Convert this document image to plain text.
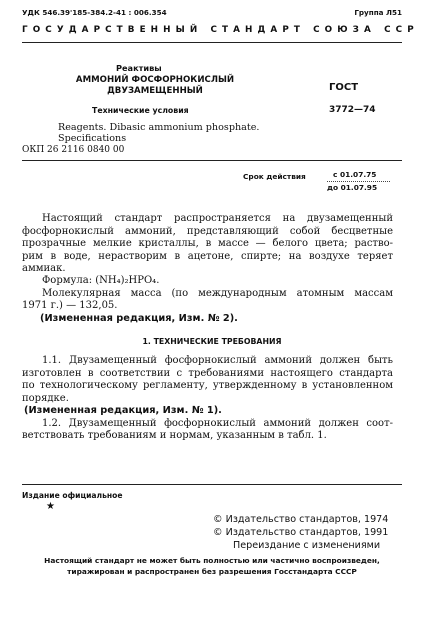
УДК 546.39'185-384.2-41 : 006.354	Группа Л51
ГОСУДАРСТВЕННЫЙ СТАНДАРТ СОЮЗА ССР
Реактивы
АММОНИЙ ФОСФОРНОКИСЛЫЙ
ДВУЗАМЕЩЕННЫЙ
Технические условия
ГОСТ
3772—74
Reagents. Dibasic ammonium phosphate.
Specifications
ОКП 26 2116 0840 00
Срок действия	с 01.07.75
до 01.07.95
Настоящий стандарт распространяется на двузамещенный
фосфорнокислый аммоний, представляющий собой бесцветные
прозрачные мелкие кристаллы, в массе — белого цвета; раство-
рим в воде, нерастворим в ацетоне, спирте; на воздухе теряет
аммиак.
Формула: (NH₄)₂HPO₄.
Молекулярная масса (по международным атомным массам
1971 г.) — 132,05.
(Измененная редакция, Изм. № 2).
1. ТЕХНИЧЕСКИЕ ТРЕБОВАНИЯ
1.1. Двузамещенный фосфорнокислый аммоний должен быть
изготовлен в соответствии с требованиями настоящего стандарта
по технологическому регламенту, утвержденному в установленном
порядке.
(Измененная редакция, Изм. № 1).
1.2. Двузамещенный фосфорнокислый аммоний должен соот-
ветствовать требованиям и нормам, указанным в табл. 1.
Издание официальное
★
© Издательство стандартов, 1974
© Издательство стандартов, 1991
Переиздание с изменениями
Настоящий стандарт не может быть полностью или частично воспроизведен,
тиражирован и распространен без разрешения Госстандарта СССР
